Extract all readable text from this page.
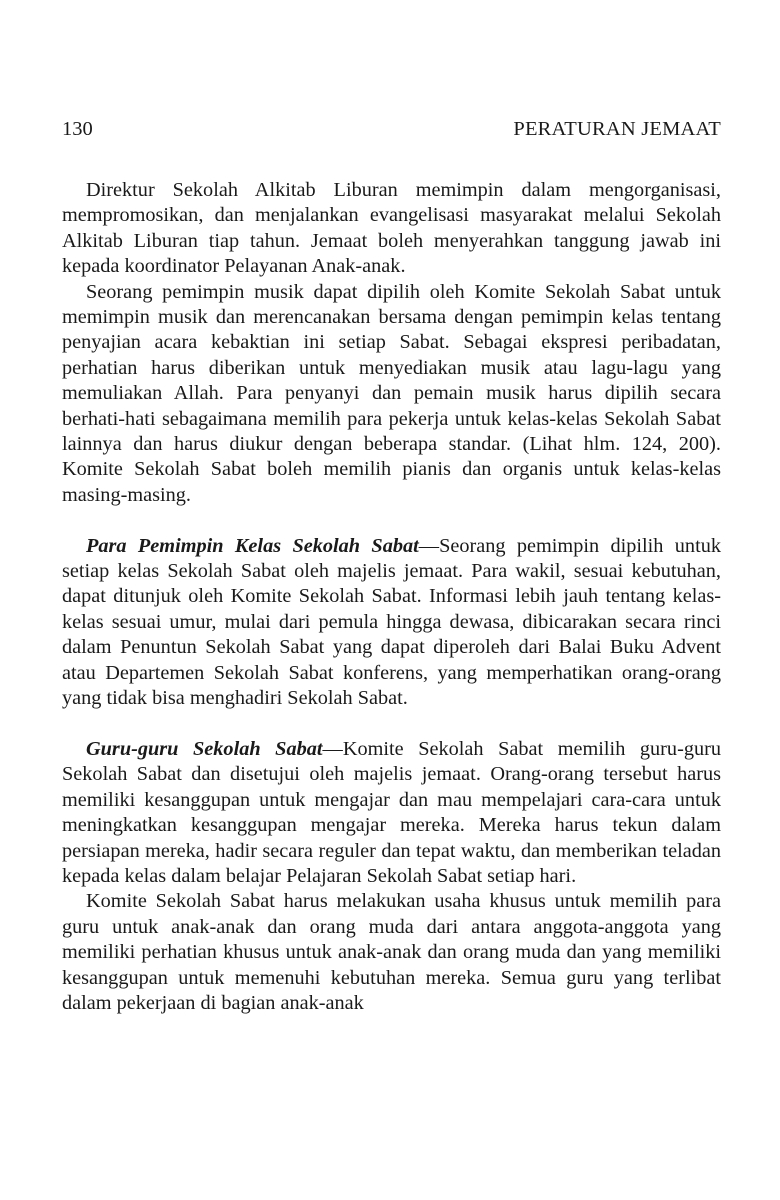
130	PERATURAN JEMAAT

Direktur Sekolah Alkitab Liburan memimpin dalam mengorganisasi, mempromosikan, dan menjalankan evangelisasi masyarakat melalui Sekolah Alkitab Liburan tiap tahun. Jemaat boleh menyerahkan tanggung jawab ini kepada koordinator Pelayanan Anak-anak.

Seorang pemimpin musik dapat dipilih oleh Komite Sekolah Sabat untuk memimpin musik dan merencanakan bersama dengan pemimpin kelas tentang penyajian acara kebaktian ini setiap Sabat. Sebagai ekspresi peribadatan, perhatian harus diberikan untuk menyediakan musik atau lagu-lagu yang memuliakan Allah. Para penyanyi dan pemain musik harus dipilih secara berhati-hati sebagaimana memilih para pekerja untuk kelas-kelas Sekolah Sabat lainnya dan harus diukur dengan beberapa standar. (Lihat hlm. 124, 200). Komite Sekolah Sabat boleh memilih pianis dan organis untuk kelas-kelas masing-masing.

Para Pemimpin Kelas Sekolah Sabat—Seorang pemimpin dipilih untuk setiap kelas Sekolah Sabat oleh majelis jemaat. Para wakil, sesuai kebutuhan, dapat ditunjuk oleh Komite Sekolah Sabat. Informasi lebih jauh tentang kelas-kelas sesuai umur, mulai dari pemula hingga dewasa, dibicarakan secara rinci dalam Penuntun Sekolah Sabat yang dapat diperoleh dari Balai Buku Advent atau Departemen Sekolah Sabat konferens, yang memperhatikan orang-orang yang tidak bisa menghadiri Sekolah Sabat.

Guru-guru Sekolah Sabat—Komite Sekolah Sabat memilih guru-guru Sekolah Sabat dan disetujui oleh majelis jemaat. Orang-orang tersebut harus memiliki kesanggupan untuk mengajar dan mau mempelajari cara-cara untuk meningkatkan kesanggupan mengajar mereka. Mereka harus tekun dalam persiapan mereka, hadir secara reguler dan tepat waktu, dan memberikan teladan kepada kelas dalam belajar Pelajaran Sekolah Sabat setiap hari.

Komite Sekolah Sabat harus melakukan usaha khusus untuk memilih para guru untuk anak-anak dan orang muda dari antara anggota-anggota yang memiliki perhatian khusus untuk anak-anak dan orang muda dan yang memiliki kesanggupan untuk memenuhi kebutuhan mereka. Semua guru yang terlibat dalam pekerjaan di bagian anak-anak
